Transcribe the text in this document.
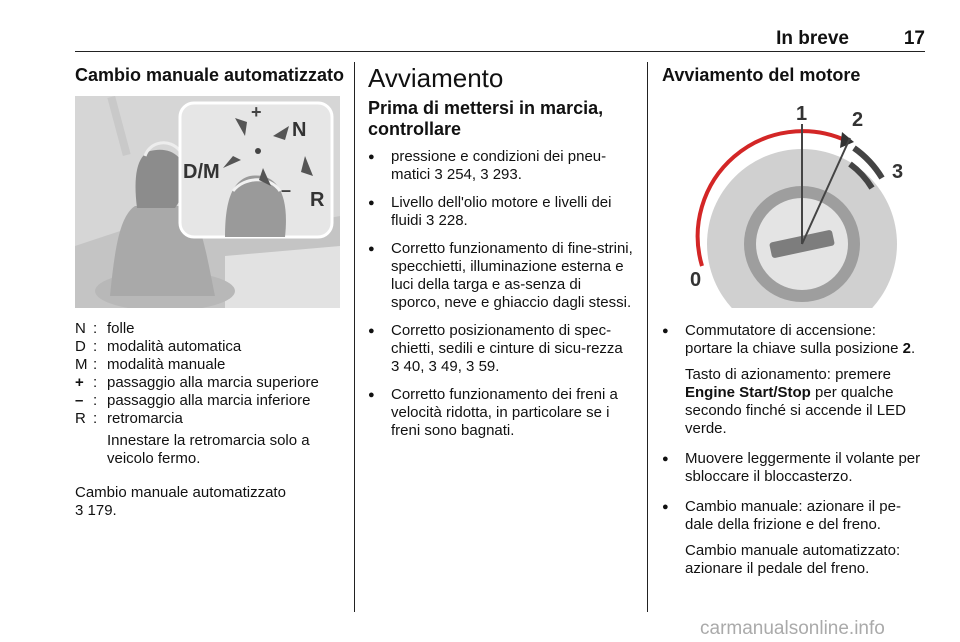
In breve	17
Cambio manuale automatizzato
+
–
D/M
N
R
N : folle
D : modalità automatica
M : modalità manuale
+ : passaggio alla marcia superiore
– : passaggio alla marcia inferiore
R : retromarcia
Innestare la retromarcia solo a veicolo fermo.
Cambio manuale automatizzato
3 179.
Avviamento
Prima di mettersi in marcia, controllare
● pressione e condizioni dei pneu-matici 3 254, 3 293.
● Livello dell'olio motore e livelli dei fluidi 3 228.
● Corretto funzionamento di fine-strini, specchietti, illuminazione esterna e luci della targa e as-senza di sporco, neve e ghiaccio dagli stessi.
● Corretto posizionamento di spec-chietti, sedili e cinture di sicu-rezza 3 40, 3 49, 3 59.
● Corretto funzionamento dei freni a velocità ridotta, in particolare se i freni sono bagnati.
Avviamento del motore
0
1 2
3
● Commutatore di accensione: portare la chiave sulla posizione 2.
Tasto di azionamento: premere Engine Start/Stop per qualche secondo finché si accende il LED verde.
● Muovere leggermente il volante per sbloccare il bloccasterzo.
● Cambio manuale: azionare il pe-dale della frizione e del freno.
Cambio manuale automatizzato: azionare il pedale del freno.
carmanualsonline.info
